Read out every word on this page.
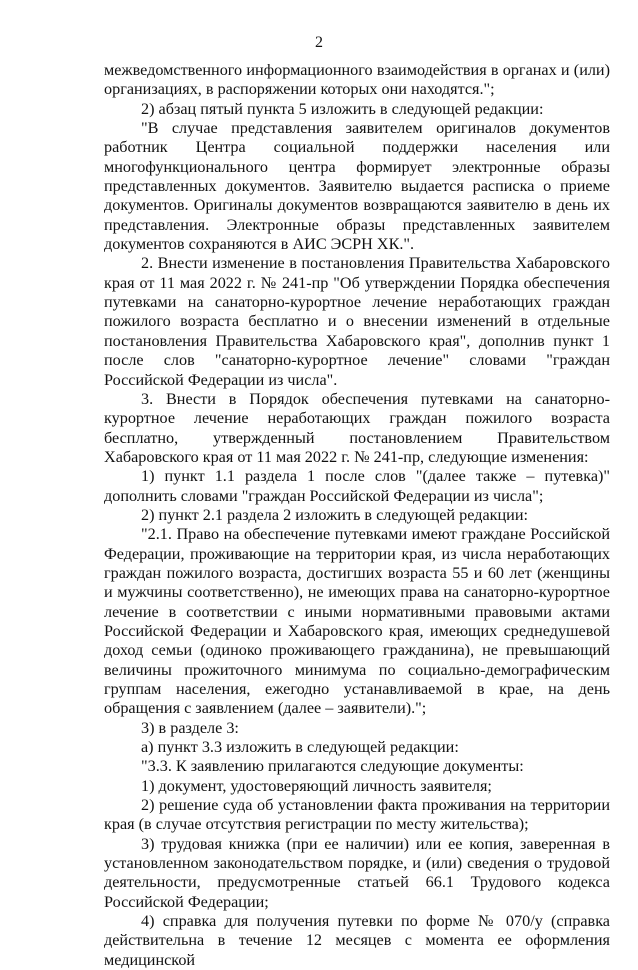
2

межведомственного информационного взаимодействия в органах и (или) организациях, в распоряжении которых они находятся.";

2) абзац пятый пункта 5 изложить в следующей редакции:

"В случае представления заявителем оригиналов документов работник Центра социальной поддержки населения или многофункционального центра формирует электронные образы представленных документов. Заявителю выдается расписка о приеме документов. Оригиналы документов возвращаются заявителю в день их представления. Электронные образы представленных заявителем документов сохраняются в АИС ЭСРН ХК.".

2. Внести изменение в постановления Правительства Хабаровского края от 11 мая 2022 г. № 241-пр "Об утверждении Порядка обеспечения путевками на санаторно-курортное лечение неработающих граждан пожилого возраста бесплатно и о внесении изменений в отдельные постановления Правительства Хабаровского края", дополнив пункт 1 после слов "санаторно-курортное лечение" словами "граждан Российской Федерации из числа".

3. Внести в Порядок обеспечения путевками на санаторно-курортное лечение неработающих граждан пожилого возраста бесплатно, утвержденный постановлением Правительством Хабаровского края от 11 мая 2022 г. № 241-пр, следующие изменения:

1) пункт 1.1 раздела 1 после слов "(далее также – путевка)" дополнить словами "граждан Российской Федерации из числа";

2) пункт 2.1 раздела 2 изложить в следующей редакции:

"2.1. Право на обеспечение путевками имеют граждане Российской Федерации, проживающие на территории края, из числа неработающих граждан пожилого возраста, достигших возраста 55 и 60 лет (женщины и мужчины соответственно), не имеющих права на санаторно-курортное лечение в соответствии с иными нормативными правовыми актами Российской Федерации и Хабаровского края, имеющих среднедушевой доход семьи (одиноко проживающего гражданина), не превышающий величины прожиточного минимума по социально-демографическим группам населения, ежегодно устанавливаемой в крае, на день обращения с заявлением (далее – заявители).";

3) в разделе 3:

а) пункт 3.3 изложить в следующей редакции:

"3.3. К заявлению прилагаются следующие документы:

1) документ, удостоверяющий личность заявителя;

2) решение суда об установлении факта проживания на территории края (в случае отсутствия регистрации по месту жительства);

3) трудовая книжка (при ее наличии) или ее копия, заверенная в установленном законодательством порядке, и (или) сведения о трудовой деятельности, предусмотренные статьей 66.1 Трудового кодекса Российской Федерации;

4) справка для получения путевки по форме № 070/у (справка действительна в течение 12 месяцев с момента ее оформления медицинской
